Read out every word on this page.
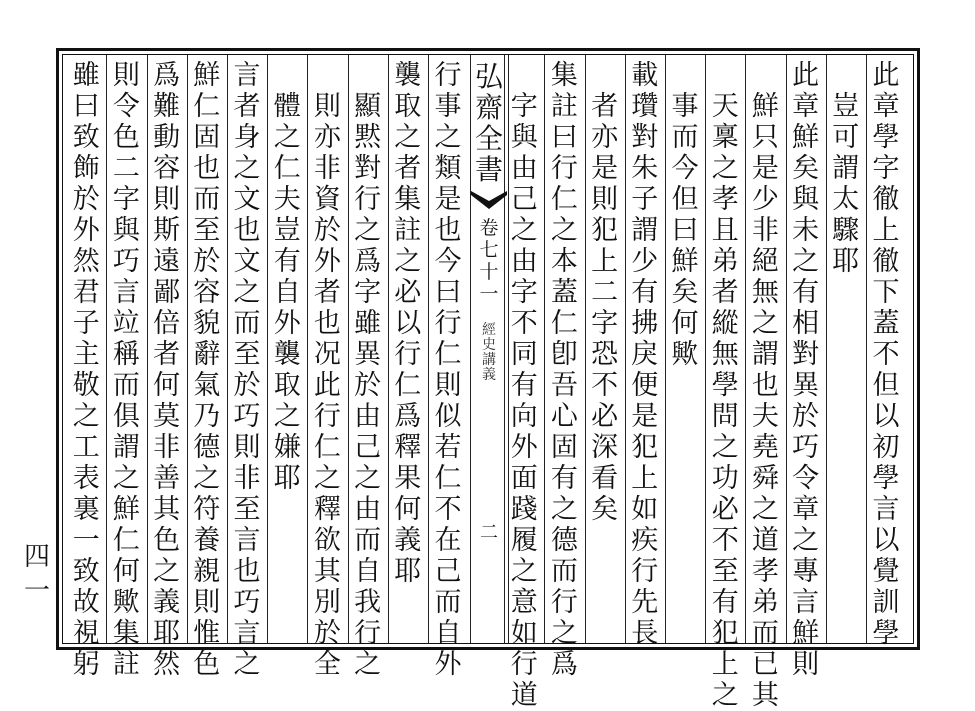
此
章
學
字
徹
上
徹
下
蓋
不
但
以
初
學
言
以
覺
訓
學
豈
可
謂
太
驟
耶
此
章
鮮
矣
與
未
之
有
相
對
異
於
巧
令
章
之
專
言
鮮
則
鮮
只
是
少
非
絕
無
之
謂
也
夫
堯
舜
之
道
孝
弟
而
已
其
天
稟
之
孝
且
弟
者
縱
無
學
問
之
功
必
不
至
有
犯
上
之
事
而
今
但
曰
鮮
矣
何
歟
載
瓚
對
朱
子
謂
少
有
拂
戾
便
是
犯
上
如
疾
行
先
長
者
亦
是
則
犯
上
二
字
恐
不
必
深
看
矣
集
註
曰
行
仁
之
本
蓋
仁
卽
吾
心
固
有
之
德
而
行
之
爲
字
與
由
己
之
由
字
不
同
有
向
外
面
踐
履
之
意
如
行
道
行
事
之
類
是
也
今
曰
行
仁
則
似
若
仁
不
在
己
而
自
外
襲
取
之
者
集
註
之
必
以
行
仁
爲
釋
果
何
義
耶
顯
黙
對
行
之
爲
字
雖
異
於
由
己
之
由
而
自
我
行
之
則
亦
非
資
於
外
者
也
况
此
行
仁
之
釋
欲
其
別
於
全
體
之
仁
夫
豈
有
自
外
襲
取
之
嫌
耶
言
者
身
之
文
也
文
之
而
至
於
巧
則
非
至
言
也
巧
言
之
鮮
仁
固
也
而
至
於
容
貌
辭
氣
乃
德
之
符
養
親
則
惟
色
爲
難
動
容
則
斯
遠
鄙
倍
者
何
莫
非
善
其
色
之
義
耶
然
則
令
色
二
字
與
巧
言
竝
稱
而
俱
謂
之
鮮
仁
何
歟
集
註
雖
曰
致
飾
於
外
然
君
子
主
敬
之
工
表
裏
一
致
故
視
躬
弘
齋
全
書
卷
七
十
一
經
史
講
義
二
四
一
